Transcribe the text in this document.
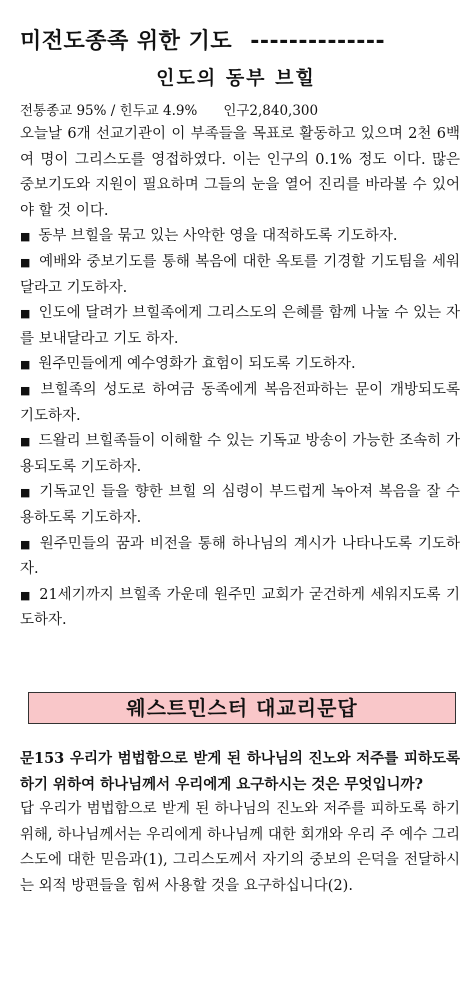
미전도종족 위한 기도 --------------
인도의 동부 브힐
전통종교 95% / 힌두교 4.9% 인구2,840,300

오늘날 6개 선교기관이 이 부족들을 목표로 활동하고 있으며 2천 6백 여 명이 그리스도를 영접하였다. 이는 인구의 0.1% 정도 이다. 많은 중보기도와 지원이 필요하며 그들의 눈을 열어 진리를 바라볼 수 있어야 할 것 이다.

■ 동부 브힐을 묶고 있는 사악한 영을 대적하도록 기도하자.

■ 예배와 중보기도를 통해 복음에 대한 옥토를 기경할 기도팀을 세워달라고 기도하자.

■ 인도에 달려가 브힐족에게 그리스도의 은혜를 함께 나눌 수 있는 자를 보내달라고 기도 하자.

■ 원주민들에게 예수영화가 효험이 되도록 기도하자.

■ 브힐족의 성도로 하여금 동족에게 복음전파하는 문이 개방되도록 기도하자.

■ 드왈리 브힐족들이 이해할 수 있는 기독교 방송이 가능한 조속히 가용되도록 기도하자.

■ 기독교인 들을 향한 브힐 의 심령이 부드럽게 녹아져 복음을 잘 수용하도록 기도하자.

■ 원주민들의 꿈과 비전을 통해 하나님의 계시가 나타나도록 기도하자.

■ 21세기까지 브힐족 가운데 원주민 교회가 굳건하게 세워지도록 기도하자.

웨스트민스터 대교리문답

문153 우리가 범법함으로 받게 된 하나님의 진노와 저주를 피하도록 하기 위하여 하나님께서 우리에게 요구하시는 것은 무엇입니까?

답 우리가 범법함으로 받게 된 하나님의 진노와 저주를 피하도록 하기 위해, 하나님께서는 우리에게 하나님께 대한 회개와 우리 주 예수 그리스도에 대한 믿음과(1), 그리스도께서 자기의 중보의 은덕을 전달하시는 외적 방편들을 힘써 사용할 것을 요구하십니다(2).
